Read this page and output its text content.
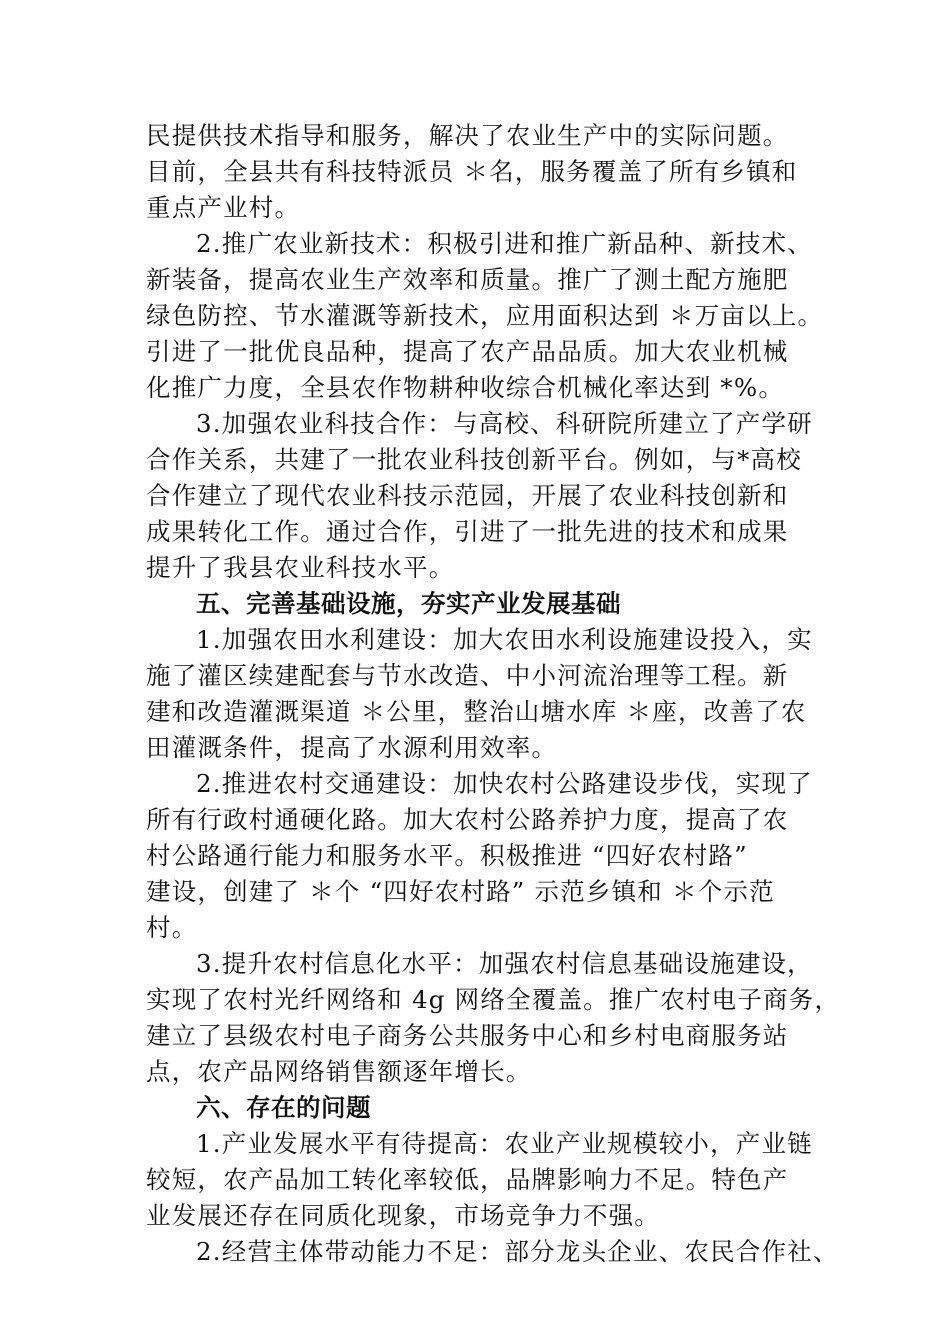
民提供技术指导和服务，解决了农业生产中的实际问题。
目前，全县共有科技特派员 ＊名，服务覆盖了所有乡镇和
重点产业村。
2.推广农业新技术：积极引进和推广新品种、新技术、
新装备，提高农业生产效率和质量。推广了测土配方施肥
绿色防控、节水灌溉等新技术，应用面积达到 ＊万亩以上。
引进了一批优良品种，提高了农产品品质。加大农业机械
化推广力度，全县农作物耕种收综合机械化率达到 *%。
3.加强农业科技合作：与高校、科研院所建立了产学研
合作关系，共建了一批农业科技创新平台。例如，与*高校
合作建立了现代农业科技示范园，开展了农业科技创新和
成果转化工作。通过合作，引进了一批先进的技术和成果
提升了我县农业科技水平。
五、完善基础设施，夯实产业发展基础
1.加强农田水利建设：加大农田水利设施建设投入，实
施了灌区续建配套与节水改造、中小河流治理等工程。新
建和改造灌溉渠道 ＊公里，整治山塘水库 ＊座，改善了农
田灌溉条件，提高了水源利用效率。
2.推进农村交通建设：加快农村公路建设步伐，实现了
所有行政村通硬化路。加大农村公路养护力度，提高了农
村公路通行能力和服务水平。积极推进 “四好农村路”
建设，创建了 ＊个 “四好农村路” 示范乡镇和 ＊个示范
村。
3.提升农村信息化水平：加强农村信息基础设施建设，
实现了农村光纤网络和 4g 网络全覆盖。推广农村电子商务，
建立了县级农村电子商务公共服务中心和乡村电商服务站
点，农产品网络销售额逐年增长。
六、存在的问题
1.产业发展水平有待提高：农业产业规模较小，产业链
较短，农产品加工转化率较低，品牌影响力不足。特色产
业发展还存在同质化现象，市场竞争力不强。
2.经营主体带动能力不足：部分龙头企业、农民合作社、
